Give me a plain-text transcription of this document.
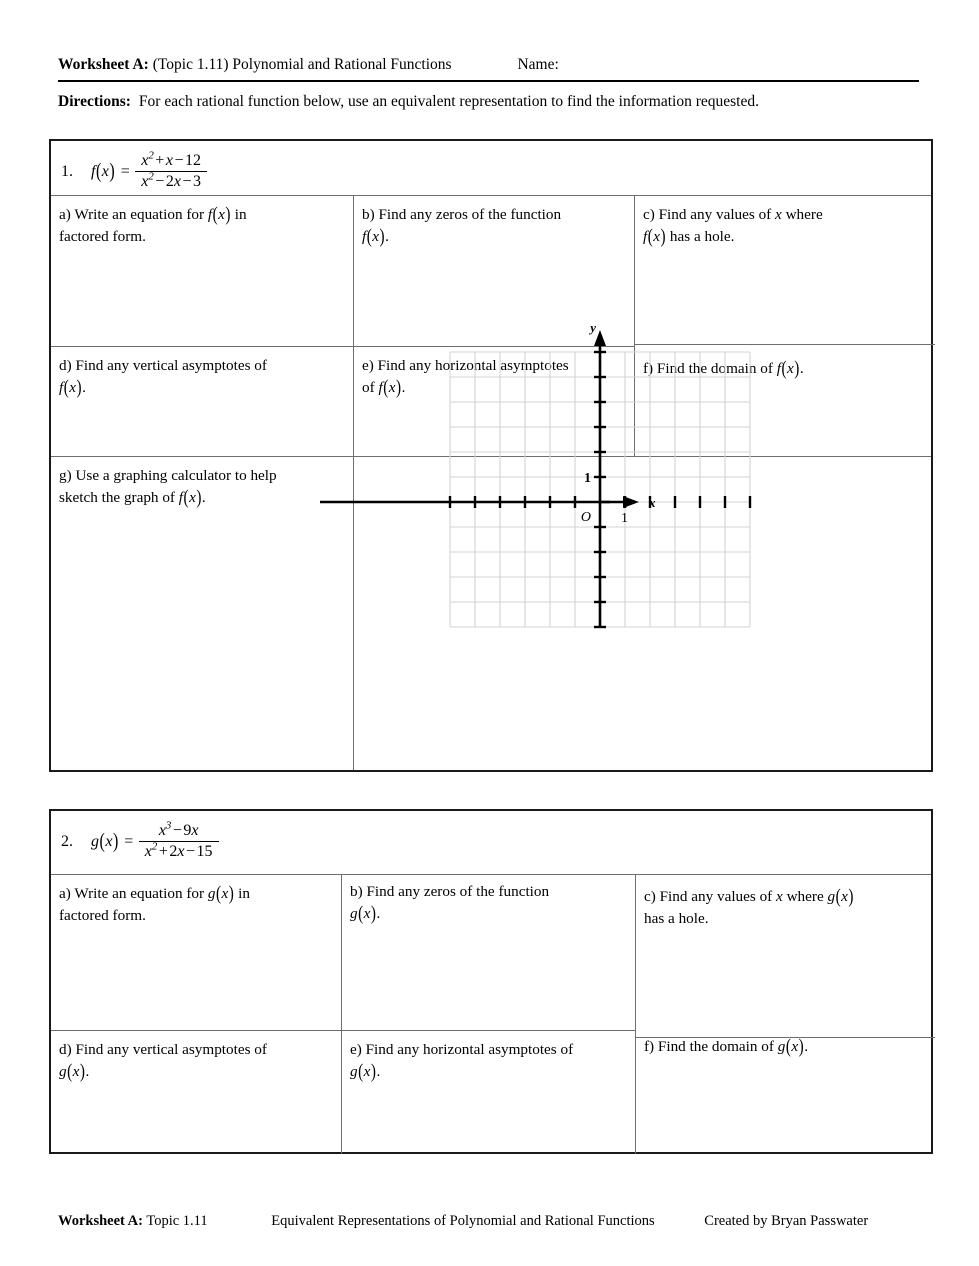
Worksheet A: (Topic 1.11) Polynomial and Rational Functions	Name:
Directions: For each rational function below, use an equivalent representation to find the information requested.
1. $f(x) = \frac{x^2+x-12}{x^2-2x-3}$
a) Write an equation for f(x) in
factored form.
b) Find any zeros of the function
f(x).
c) Find any values of x where
f(x) has a hole.
d) Find any vertical asymptotes of
f(x).
e) Find any horizontal asymptotes
of f(x).
f) Find the domain of f(x).
g) Use a graphing calculator to help
sketch the graph of f(x).
y
x
O 1
1
2. $g(x) = \frac{x^3-9x}{x^2+2x-15}$
a) Write an equation for g(x) in
factored form.
b) Find any zeros of the function
g(x).
c) Find any values of x where g(x)
has a hole.
d) Find any vertical asymptotes of
g(x).
e) Find any horizontal asymptotes of
g(x).
f) Find the domain of g(x).
Worksheet A: Topic 1.11	Equivalent Representations of Polynomial and Rational Functions	Created by Bryan Passwater
